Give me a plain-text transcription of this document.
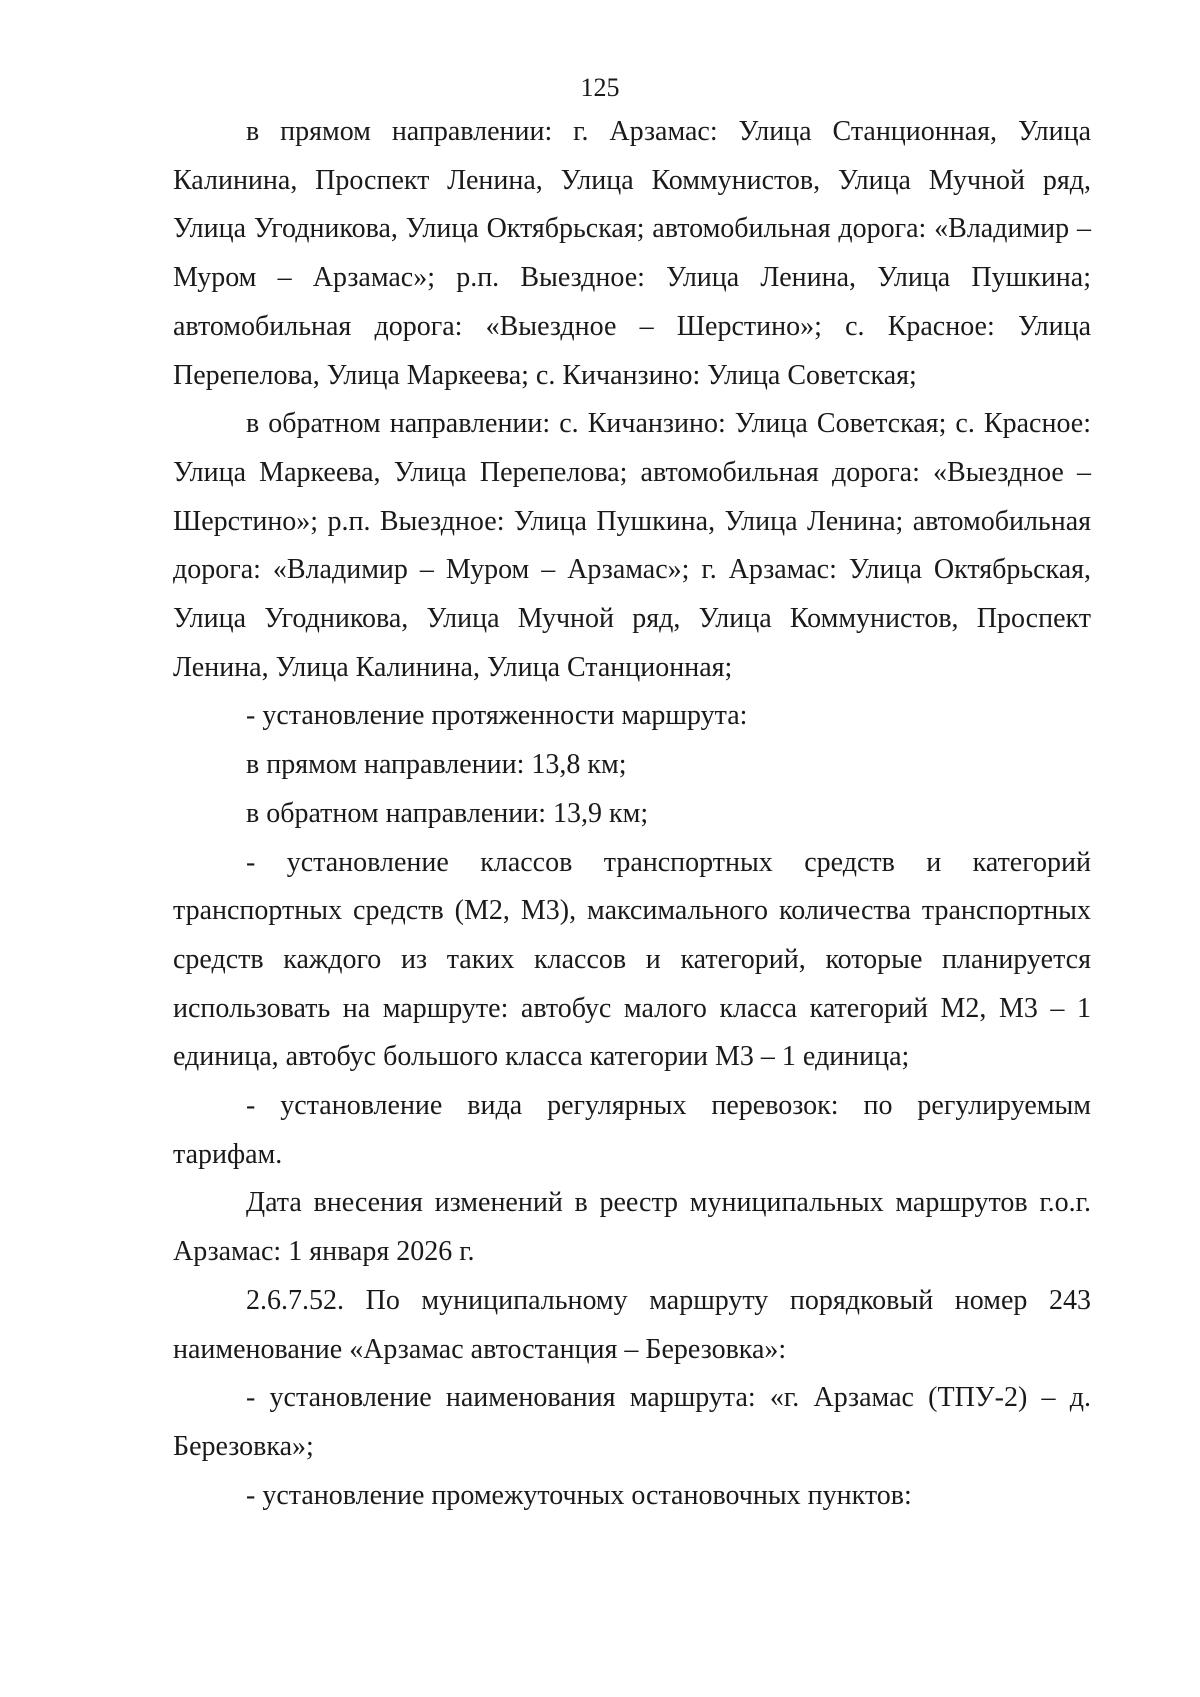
125

в прямом направлении: г. Арзамас: Улица Станционная, Улица Калинина, Проспект Ленина, Улица Коммунистов, Улица Мучной ряд, Улица Угодникова, Улица Октябрьская; автомобильная дорога: «Владимир – Муром – Арзамас»; р.п. Выездное: Улица Ленина, Улица Пушкина; автомобильная дорога: «Выездное – Шерстино»; с. Красное: Улица Перепелова, Улица Маркеева; с. Кичанзино: Улица Советская;

в обратном направлении: с. Кичанзино: Улица Советская; с. Красное: Улица Маркеева, Улица Перепелова; автомобильная дорога: «Выездное – Шерстино»; р.п. Выездное: Улица Пушкина, Улица Ленина; автомобильная дорога: «Владимир – Муром – Арзамас»; г. Арзамас: Улица Октябрьская, Улица Угодникова, Улица Мучной ряд, Улица Коммунистов, Проспект Ленина, Улица Калинина, Улица Станционная;

- установление протяженности маршрута:

в прямом направлении: 13,8 км;

в обратном направлении: 13,9 км;

- установление классов транспортных средств и категорий транспортных средств (М2, М3), максимального количества транспортных средств каждого из таких классов и категорий, которые планируется использовать на маршруте: автобус малого класса категорий М2, М3 – 1 единица, автобус большого класса категории М3 – 1 единица;

- установление вида регулярных перевозок: по регулируемым тарифам.

Дата внесения изменений в реестр муниципальных маршрутов г.о.г. Арзамас: 1 января 2026 г.

2.6.7.52. По муниципальному маршруту порядковый номер 243 наименование «Арзамас автостанция – Березовка»:

- установление наименования маршрута: «г. Арзамас (ТПУ-2) – д. Березовка»;

- установление промежуточных остановочных пунктов:
